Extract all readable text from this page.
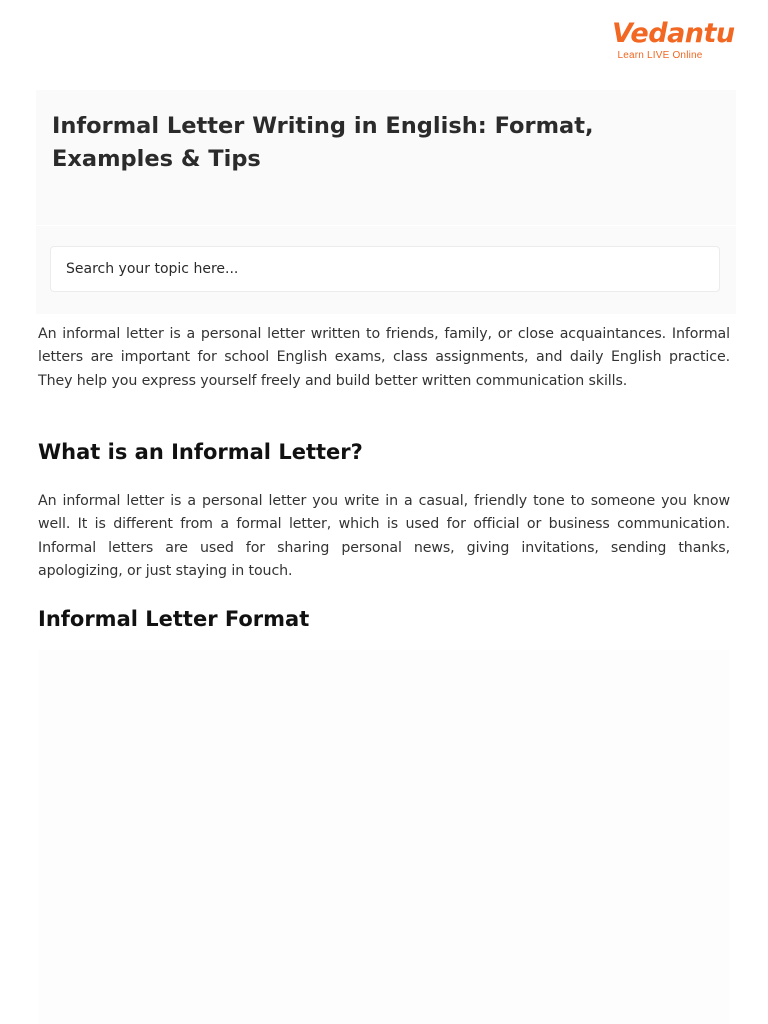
Vedantu
Learn LIVE Online
Informal Letter Writing in English: Format, Examples & Tips
Search your topic here...

An informal letter is a personal letter written to friends, family, or close acquaintances. Informal letters are important for school English exams, class assignments, and daily English practice. They help you express yourself freely and build better written communication skills.

What is an Informal Letter?

An informal letter is a personal letter you write in a casual, friendly tone to someone you know well. It is different from a formal letter, which is used for official or business communication. Informal letters are used for sharing personal news, giving invitations, sending thanks, apologizing, or just staying in touch.

Informal Letter Format
